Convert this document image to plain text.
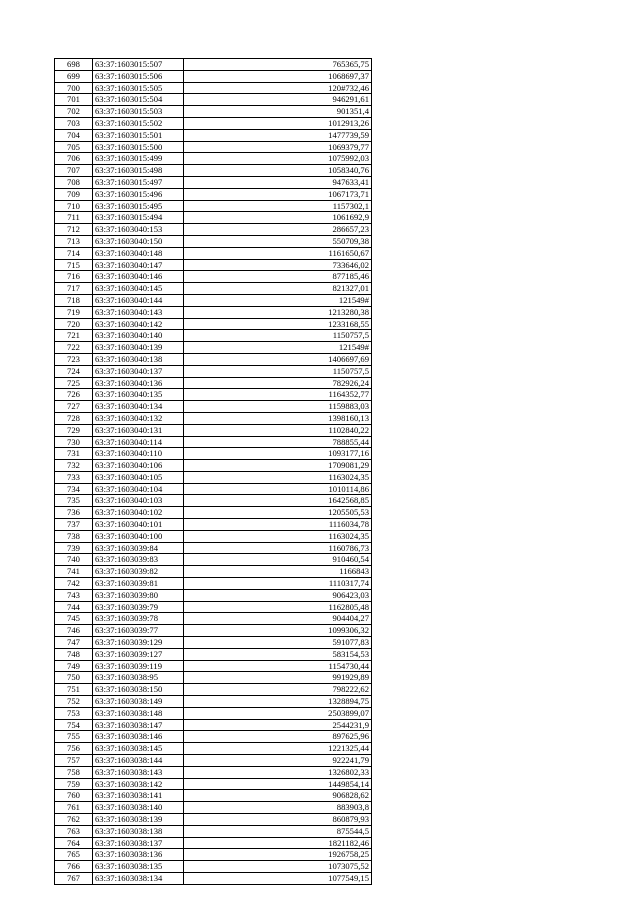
698	63:37:1603015:507	765365,75
699	63:37:1603015:506	1068697,37
700	63:37:1603015:505	120#732,46
701	63:37:1603015:504	946291,61
702	63:37:1603015:503	901351,4
703	63:37:1603015:502	1012913,26
704	63:37:1603015:501	1477739,59
705	63:37:1603015:500	1069379,77
706	63:37:1603015:499	1075992,03
707	63:37:1603015:498	1058340,76
708	63:37:1603015:497	947633,41
709	63:37:1603015:496	1067173,71
710	63:37:1603015:495	1157302,1
711	63:37:1603015:494	1061692,9
712	63:37:1603040:153	286657,23
713	63:37:1603040:150	550709,38
714	63:37:1603040:148	1161650,67
715	63:37:1603040:147	733646,02
716	63:37:1603040:146	877185,46
717	63:37:1603040:145	821327,01
718	63:37:1603040:144	121549#
719	63:37:1603040:143	1213280,38
720	63:37:1603040:142	1233168,55
721	63:37:1603040:140	1150757,5
722	63:37:1603040:139	121549#
723	63:37:1603040:138	1406697,69
724	63:37:1603040:137	1150757,5
725	63:37:1603040:136	782926,24
726	63:37:1603040:135	1164352,77
727	63:37:1603040:134	1159883,03
728	63:37:1603040:132	1398160,13
729	63:37:1603040:131	1102840,22
730	63:37:1603040:114	788855,44
731	63:37:1603040:110	1093177,16
732	63:37:1603040:106	1709081,29
733	63:37:1603040:105	1163024,35
734	63:37:1603040:104	1010114,86
735	63:37:1603040:103	1642568,85
736	63:37:1603040:102	1205505,53
737	63:37:1603040:101	1116034,78
738	63:37:1603040:100	1163024,35
739	63:37:1603039:84	1160786,73
740	63:37:1603039:83	910460,54
741	63:37:1603039:82	1166843
742	63:37:1603039:81	1110317,74
743	63:37:1603039:80	906423,03
744	63:37:1603039:79	1162805,48
745	63:37:1603039:78	904404,27
746	63:37:1603039:77	1099306,32
747	63:37:1603039:129	591077,83
748	63:37:1603039:127	583154,53
749	63:37:1603039:119	1154730,44
750	63:37:1603038:95	991929,89
751	63:37:1603038:150	798222,62
752	63:37:1603038:149	1328894,75
753	63:37:1603038:148	2503899,07
754	63:37:1603038:147	2544231,9
755	63:37:1603038:146	897625,96
756	63:37:1603038:145	1221325,44
757	63:37:1603038:144	922241,79
758	63:37:1603038:143	1326802,33
759	63:37:1603038:142	1449854,14
760	63:37:1603038:141	906828,62
761	63:37:1603038:140	883903,8
762	63:37:1603038:139	860879,93
763	63:37:1603038:138	875544,5
764	63:37:1603038:137	1821182,46
765	63:37:1603038:136	1926758,25
766	63:37:1603038:135	1073075,52
767	63:37:1603038:134	1077549,15
